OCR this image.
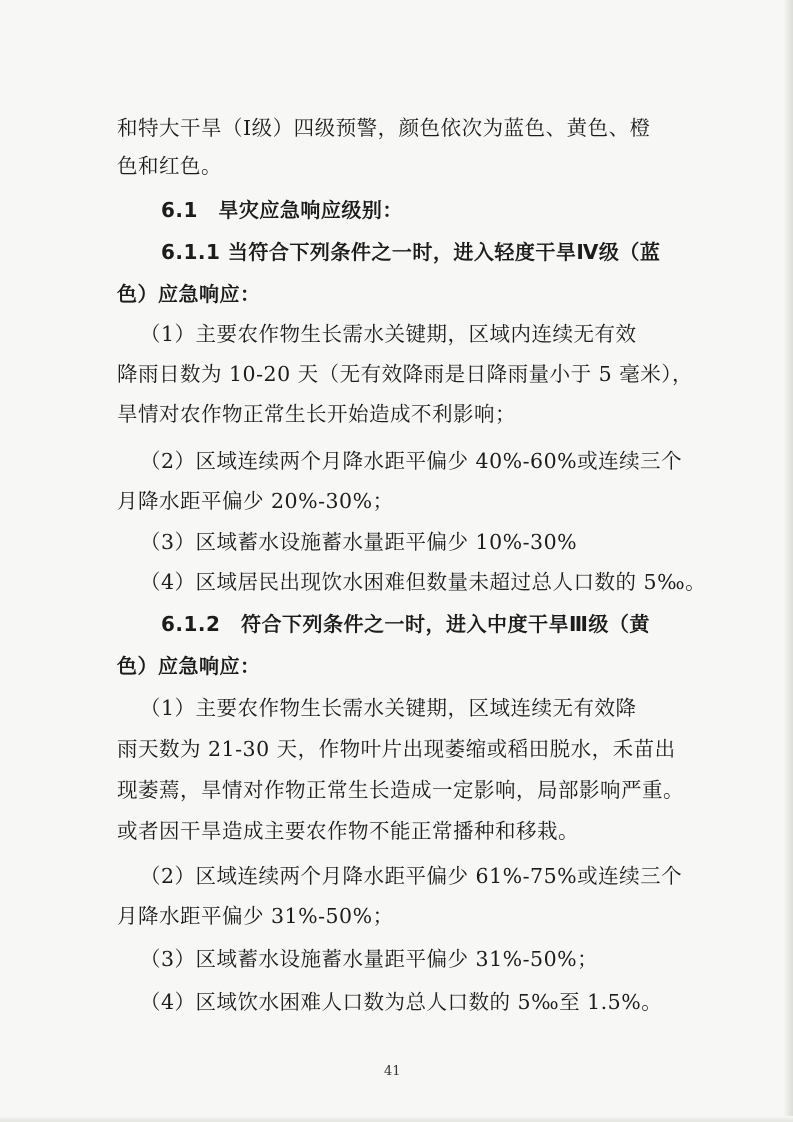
和特大干旱（Ⅰ级）四级预警，颜色依次为蓝色、黄色、橙

色和红色。

6.1　旱灾应急响应级别：

6.1.1 当符合下列条件之一时，进入轻度干旱Ⅳ级（蓝

色）应急响应：

（1）主要农作物生长需水关键期，区域内连续无有效

降雨日数为 10-20 天（无有效降雨是日降雨量小于 5 毫米），

旱情对农作物正常生长开始造成不利影响；

（2）区域连续两个月降水距平偏少 40%-60%或连续三个

月降水距平偏少 20%-30%；

（3）区域蓄水设施蓄水量距平偏少 10%-30%

（4）区域居民出现饮水困难但数量未超过总人口数的 5‰。

6.1.2　符合下列条件之一时，进入中度干旱Ⅲ级（黄

色）应急响应：

（1）主要农作物生长需水关键期，区域连续无有效降

雨天数为 21-30 天，作物叶片出现萎缩或稻田脱水，禾苗出

现萎蔫，旱情对作物正常生长造成一定影响，局部影响严重。

或者因干旱造成主要农作物不能正常播种和移栽。

（2）区域连续两个月降水距平偏少 61%-75%或连续三个

月降水距平偏少 31%-50%；

（3）区域蓄水设施蓄水量距平偏少 31%-50%；

（4）区域饮水困难人口数为总人口数的 5‰至 1.5%。

41
